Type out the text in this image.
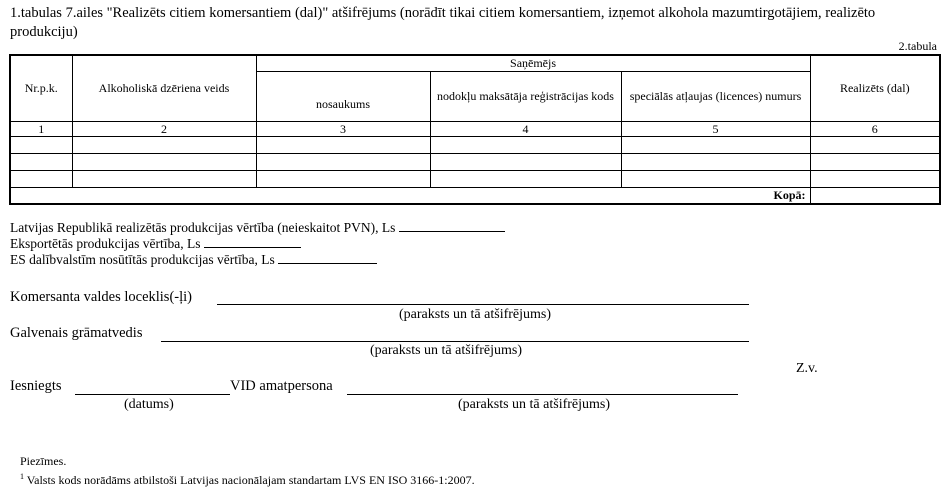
1.tabulas 7.ailes "Realizēts citiem komersantiem (dal)" atšifrējums (norādīt tikai citiem komersantiem, izņemot alkohola mazumtirgotājiem, realizēto produkciju)
2.tabula
Nr.p.k.	Alkoholiskā dzēriena veids	Saņēmējs			Realizēts (dal)
		nosaukums	nodokļu maksātāja reģistrācijas kods	speciālās atļaujas (licences) numurs	
1	2	3	4	5	6

Kopā:					
Latvijas Republikā realizētās produkcijas vērtība (neieskaitot PVN), Ls
Eksportētās produkcijas vērtība, Ls
ES dalībvalstīm nosūtītās produkcijas vērtība, Ls
Komersanta valdes loceklis(-ļi)
(paraksts un tā atšifrējums)
Galvenais grāmatvedis
(paraksts un tā atšifrējums)
Z.v.
Iesniegts	VID amatpersona
(datums)	(paraksts un tā atšifrējums)
Piezīmes.
$^1$ Valsts kods norādāms atbilstoši Latvijas nacionālajam standartam LVS EN ISO 3166-1:2007.
